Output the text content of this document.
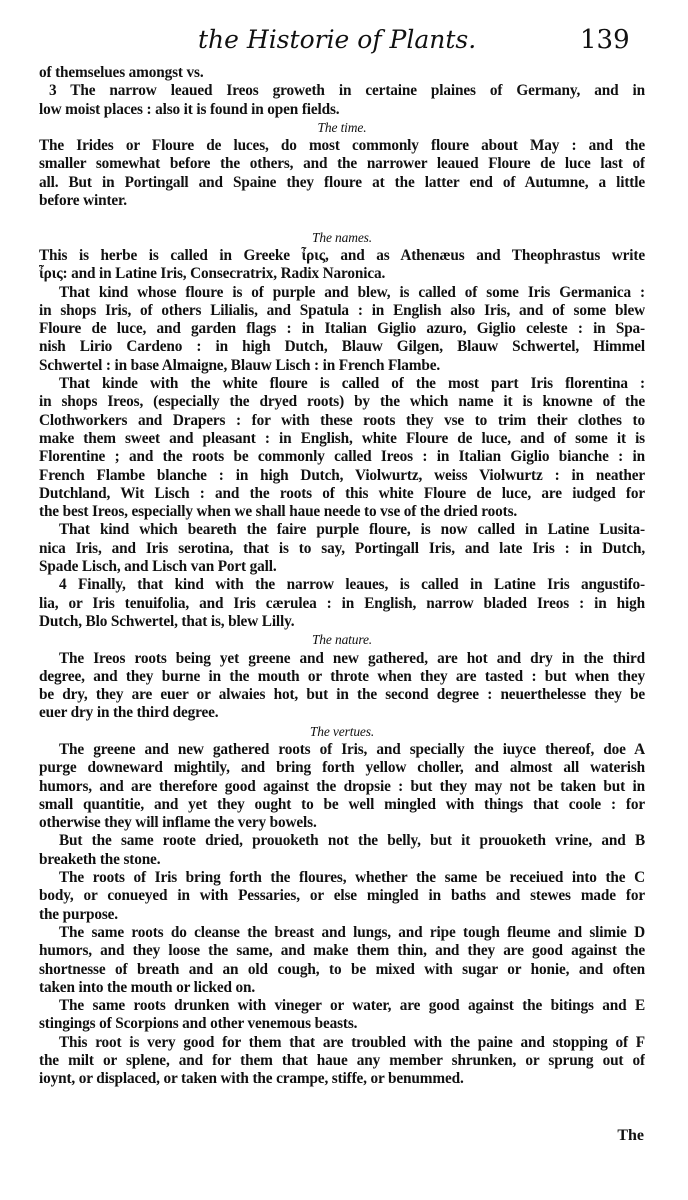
the Historie of Plants.	139
of themselues amongst vs.
3 The narrow leaued Ireos groweth in certaine plaines of Germany, and in
low moist places : also it is found in open fields.
The time.
The Irides or Floure de luces, do most commonly floure about May : and the
smaller somewhat before the others, and the narrower leaued Floure de luce last of
all. But in Portingall and Spaine they floure at the latter end of Autumne, a little
before winter.
The names.
This is herbe is called in Greeke ἶρις, and as Athenæus and Theophrastus write
ἶρις: and in Latine Iris, Consecratrix, Radix Naronica.
That kind whose floure is of purple and blew, is called of some Iris Germanica :
in shops Iris, of others Lilialis, and Spatula : in English also Iris, and of some blew
Floure de luce, and garden flags : in Italian Giglio azuro, Giglio celeste : in Spa-
nish Lirio Cardeno : in high Dutch, Blauw Gilgen, Blauw Schwertel, Himmel
Schwertel : in base Almaigne, Blauw Lisch : in French Flambe.
That kinde with the white floure is called of the most part Iris florentina :
in shops Ireos, (especially the dryed roots) by the which name it is knowne of the
Clothworkers and Drapers : for with these roots they vse to trim their clothes to
make them sweet and pleasant : in English, white Floure de luce, and of some it is
Florentine ; and the roots be commonly called Ireos : in Italian Giglio bianche : in
French Flambe blanche : in high Dutch, Violwurtz, weiss Violwurtz : in neather
Dutchland, Wit Lisch : and the roots of this white Floure de luce, are iudged for
the best Ireos, especially when we shall haue neede to vse of the dried roots.
That kind which beareth the faire purple floure, is now called in Latine Lusita-
nica Iris, and Iris serotina, that is to say, Portingall Iris, and late Iris : in Dutch,
Spade Lisch, and Lisch van Port gall.
4 Finally, that kind with the narrow leaues, is called in Latine Iris angustifo-
lia, or Iris tenuifolia, and Iris cærulea : in English, narrow bladed Ireos : in high
Dutch, Blo Schwertel, that is, blew Lilly.
The nature.
The Ireos roots being yet greene and new gathered, are hot and dry in the third
degree, and they burne in the mouth or throte when they are tasted : but when they
be dry, they are euer or alwaies hot, but in the second degree : neuerthelesse they be
euer dry in the third degree.
The vertues.
The greene and new gathered roots of Iris, and specially the iuyce thereof, doe A
purge downeward mightily, and bring forth yellow choller, and almost all waterish
humors, and are therefore good against the dropsie : but they may not be taken but in
small quantitie, and yet they ought to be well mingled with things that coole : for
otherwise they will inflame the very bowels.
But the same roote dried, prouoketh not the belly, but it prouoketh vrine, and B
breaketh the stone.
The roots of Iris bring forth the floures, whether the same be receiued into the C
body, or conueyed in with Pessaries, or else mingled in baths and stewes made for
the purpose.
The same roots do cleanse the breast and lungs, and ripe tough fleume and slimie D
humors, and they loose the same, and make them thin, and they are good against the
shortnesse of breath and an old cough, to be mixed with sugar or honie, and often
taken into the mouth or licked on.
The same roots drunken with vineger or water, are good against the bitings and E
stingings of Scorpions and other venemous beasts.
This root is very good for them that are troubled with the paine and stopping of F
the milt or splene, and for them that haue any member shrunken, or sprung out of
ioynt, or displaced, or taken with the crampe, stiffe, or benummed.
The
